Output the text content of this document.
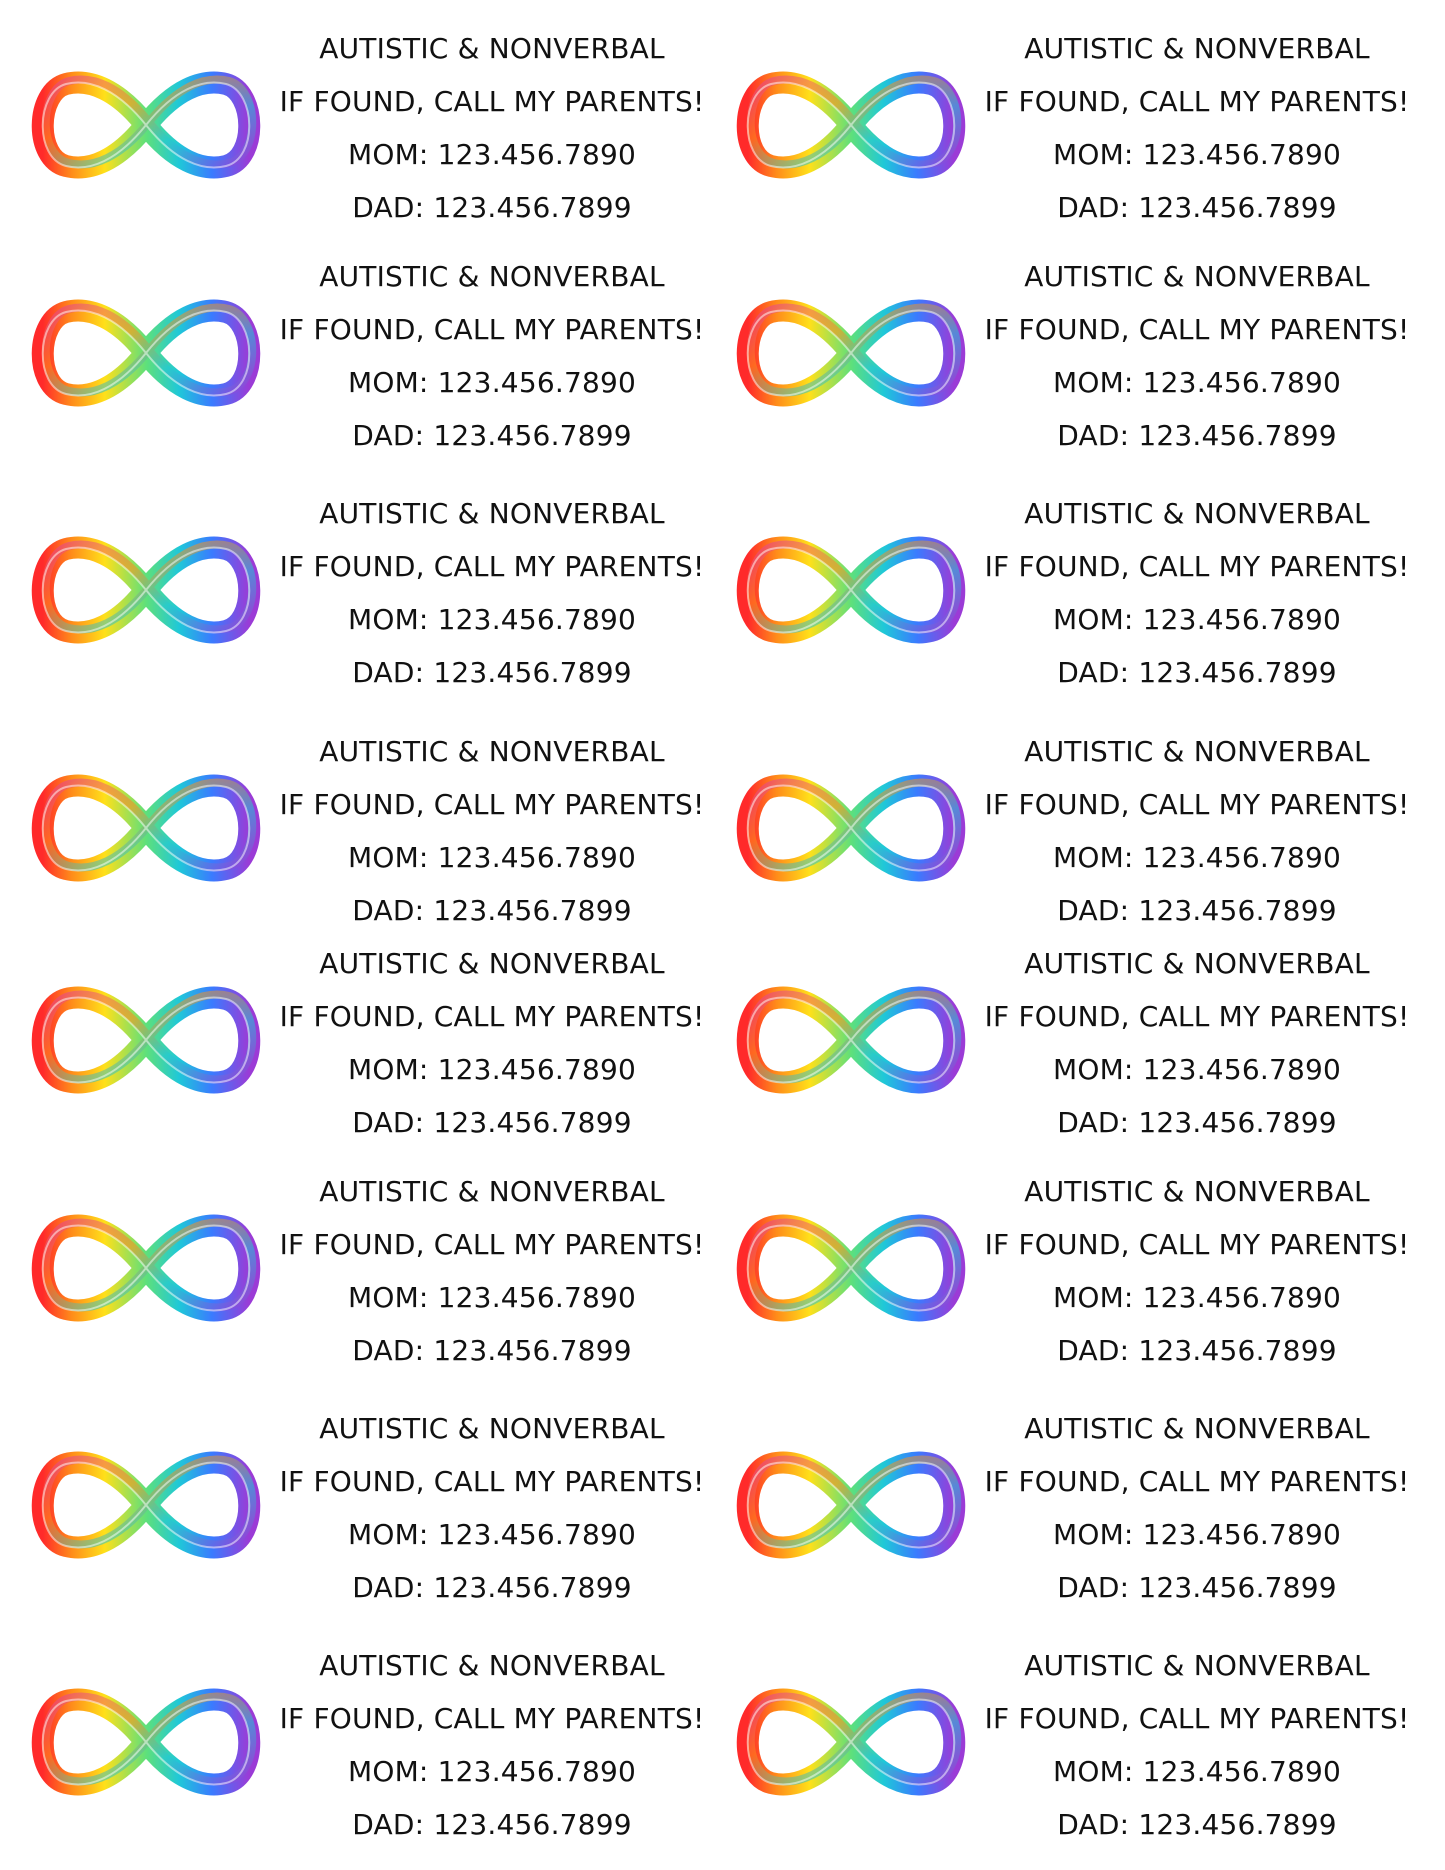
AUTISTIC & NONVERBAL
IF FOUND, CALL MY PARENTS!
MOM: 123.456.7890
DAD: 123.456.7899
AUTISTIC & NONVERBAL
IF FOUND, CALL MY PARENTS!
MOM: 123.456.7890
DAD: 123.456.7899
AUTISTIC & NONVERBAL
IF FOUND, CALL MY PARENTS!
MOM: 123.456.7890
DAD: 123.456.7899
AUTISTIC & NONVERBAL
IF FOUND, CALL MY PARENTS!
MOM: 123.456.7890
DAD: 123.456.7899
AUTISTIC & NONVERBAL
IF FOUND, CALL MY PARENTS!
MOM: 123.456.7890
DAD: 123.456.7899
AUTISTIC & NONVERBAL
IF FOUND, CALL MY PARENTS!
MOM: 123.456.7890
DAD: 123.456.7899
AUTISTIC & NONVERBAL
IF FOUND, CALL MY PARENTS!
MOM: 123.456.7890
DAD: 123.456.7899
AUTISTIC & NONVERBAL
IF FOUND, CALL MY PARENTS!
MOM: 123.456.7890
DAD: 123.456.7899
AUTISTIC & NONVERBAL
IF FOUND, CALL MY PARENTS!
MOM: 123.456.7890
DAD: 123.456.7899
AUTISTIC & NONVERBAL
IF FOUND, CALL MY PARENTS!
MOM: 123.456.7890
DAD: 123.456.7899
AUTISTIC & NONVERBAL
IF FOUND, CALL MY PARENTS!
MOM: 123.456.7890
DAD: 123.456.7899
AUTISTIC & NONVERBAL
IF FOUND, CALL MY PARENTS!
MOM: 123.456.7890
DAD: 123.456.7899
AUTISTIC & NONVERBAL
IF FOUND, CALL MY PARENTS!
MOM: 123.456.7890
DAD: 123.456.7899
AUTISTIC & NONVERBAL
IF FOUND, CALL MY PARENTS!
MOM: 123.456.7890
DAD: 123.456.7899
AUTISTIC & NONVERBAL
IF FOUND, CALL MY PARENTS!
MOM: 123.456.7890
DAD: 123.456.7899
AUTISTIC & NONVERBAL
IF FOUND, CALL MY PARENTS!
MOM: 123.456.7890
DAD: 123.456.7899
